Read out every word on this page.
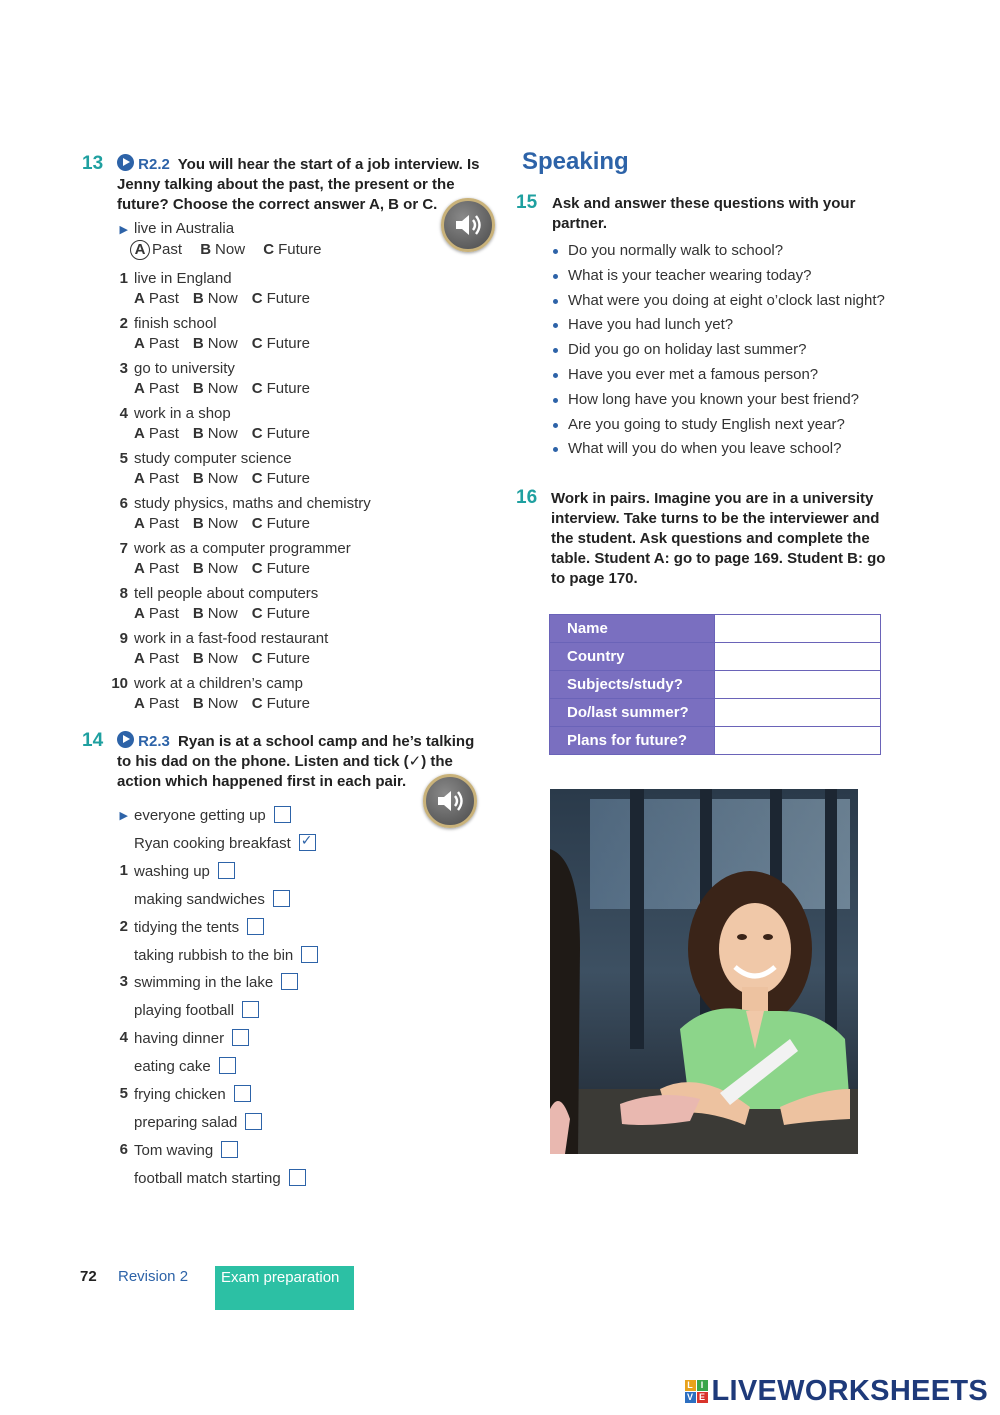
13	R2.2 You will hear the start of a job interview. Is Jenny talking about the past, the present or the future? Choose the correct answer A, B or C.
▶ live in Australia
A Past B Now C Future
1 live in England
A Past B Now C Future
2 finish school
A Past B Now C Future
3 go to university
A Past B Now C Future
4 work in a shop
A Past B Now C Future
5 study computer science
A Past B Now C Future
6 study physics, maths and chemistry
A Past B Now C Future
7 work as a computer programmer
A Past B Now C Future
8 tell people about computers
A Past B Now C Future
9 work in a fast-food restaurant
A Past B Now C Future
10 work at a children’s camp
A Past B Now C Future
14	R2.3 Ryan is at a school camp and he’s talking to his dad on the phone. Listen and tick (✓) the action which happened first in each pair.
▶ everyone getting up
Ryan cooking breakfast✓
1 washing up
making sandwiches
2 tidying the tents
taking rubbish to the bin
3 swimming in the lake
playing football
4 having dinner
eating cake
5 frying chicken
preparing salad
6 Tom waving
football match starting
Speaking
15 Ask and answer these questions with your partner.
Do you normally walk to school?
What is your teacher wearing today?
What were you doing at eight o’clock last night?
Have you had lunch yet?
Did you go on holiday last summer?
Have you ever met a famous person?
How long have you known your best friend?
Are you going to study English next year?
What will you do when you leave school?
16 Work in pairs. Imagine you are in a university interview. Take turns to be the interviewer and the student. Ask questions and complete the table. Student A: go to page 169. Student B: go to page 170.
Name	
Country	
Subjects/study?	
Do/last summer?	
Plans for future?	
72 Revision 2	Exam preparation
L I
V E LIVEWORKSHEETS
